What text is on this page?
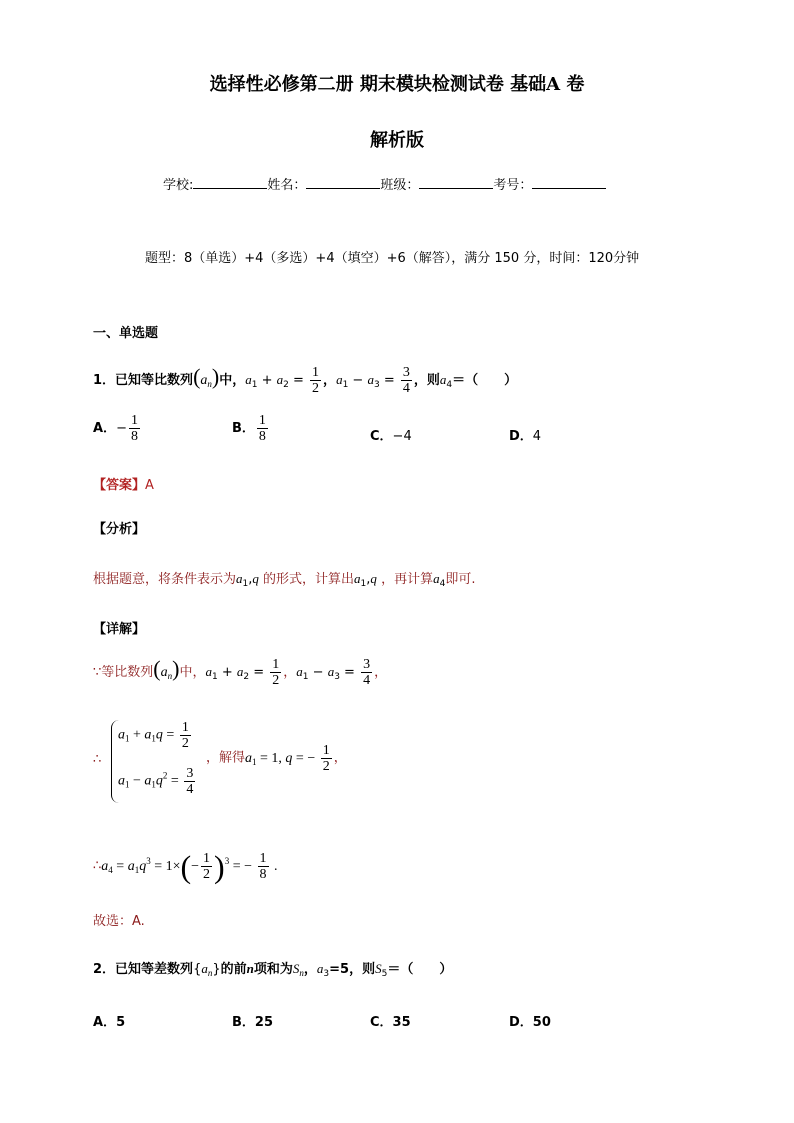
选择性必修第二册 期末模块检测试卷 基础A 卷
解析版
学校:	姓名：	班级：	考号：
题型：8（单选）+4（多选）+4（填空）+6（解答），满分 150 分，时间：120分钟
一、单选题
1．已知等比数列$(a_n)$中，$a_1 + a_2 = \frac{1}{2}$ ，$a_1 - a_3 = \frac{3}{4}$ ，则$a_4=$（　　）
A．− $\frac{1}{8}$	B． $\frac{1}{8}$	C．−4	D．4
【答案】A
【分析】
根据题意，将条件表示为$a_1,q$ 的形式，计算出$a_1,q$ ，再计算$a_4$即可.
【详解】
∵等比数列$(a_n)$中，$a_1 + a_2 = \frac{1}{2}$ ，$a_1 - a_3 = \frac{3}{4}$ ，
∴
$a_1 + a_1q = \frac{1}{2}$
$a_1 - a_1q^2 = \frac{3}{4}$
，解得$a_1 = 1$, q = − $\frac{1}{2}$ ，
$\therefore a_4 = a_1q^3 = 1\times(- \frac{1}{2} )^3$ = − $\frac{1}{8}$ .
故选：A.
2．已知等差数列$\{a_n\}$的前n项和为$S_n$，$a_3=5$，则$S_5=$（　　）
A．5	B．25	C．35	D．50
